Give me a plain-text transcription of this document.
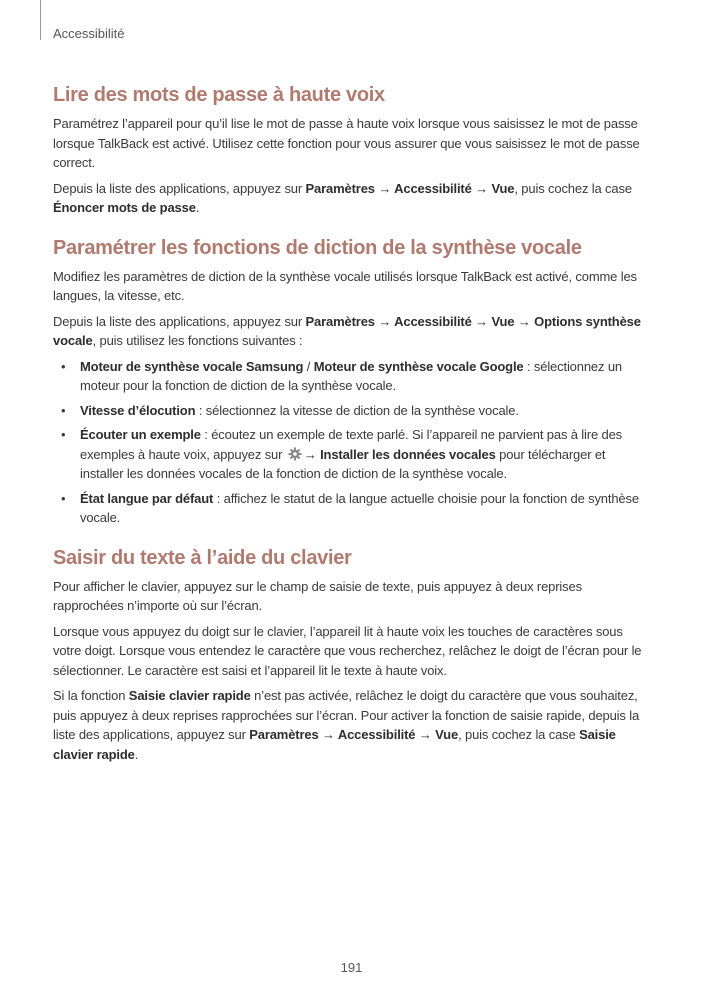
Accessibilité
Lire des mots de passe à haute voix

Paramétrez l’appareil pour qu’il lise le mot de passe à haute voix lorsque vous saisissez le mot de passe lorsque TalkBack est activé. Utilisez cette fonction pour vous assurer que vous saisissez le mot de passe correct.

Depuis la liste des applications, appuyez sur Paramètres → Accessibilité → Vue, puis cochez la case Énoncer mots de passe.

Paramétrer les fonctions de diction de la synthèse vocale

Modifiez les paramètres de diction de la synthèse vocale utilisés lorsque TalkBack est activé, comme les langues, la vitesse, etc.

Depuis la liste des applications, appuyez sur Paramètres → Accessibilité → Vue → Options synthèse vocale, puis utilisez les fonctions suivantes :

• Moteur de synthèse vocale Samsung / Moteur de synthèse vocale Google : sélectionnez un moteur pour la fonction de diction de la synthèse vocale.
• Vitesse d’élocution : sélectionnez la vitesse de diction de la synthèse vocale.
• Écouter un exemple : écoutez un exemple de texte parlé. Si l’appareil ne parvient pas à lire des exemples à haute voix, appuyez sur → Installer les données vocales pour télécharger et installer les données vocales de la fonction de diction de la synthèse vocale.
• État langue par défaut : affichez le statut de la langue actuelle choisie pour la fonction de synthèse vocale.
Saisir du texte à l’aide du clavier

Pour afficher le clavier, appuyez sur le champ de saisie de texte, puis appuyez à deux reprises rapprochées n’importe où sur l’écran.

Lorsque vous appuyez du doigt sur le clavier, l’appareil lit à haute voix les touches de caractères sous votre doigt. Lorsque vous entendez le caractère que vous recherchez, relâchez le doigt de l’écran pour le sélectionner. Le caractère est saisi et l’appareil lit le texte à haute voix.

Si la fonction Saisie clavier rapide n’est pas activée, relâchez le doigt du caractère que vous souhaitez, puis appuyez à deux reprises rapprochées sur l’écran. Pour activer la fonction de saisie rapide, depuis la liste des applications, appuyez sur Paramètres → Accessibilité → Vue, puis cochez la case Saisie clavier rapide.

191
